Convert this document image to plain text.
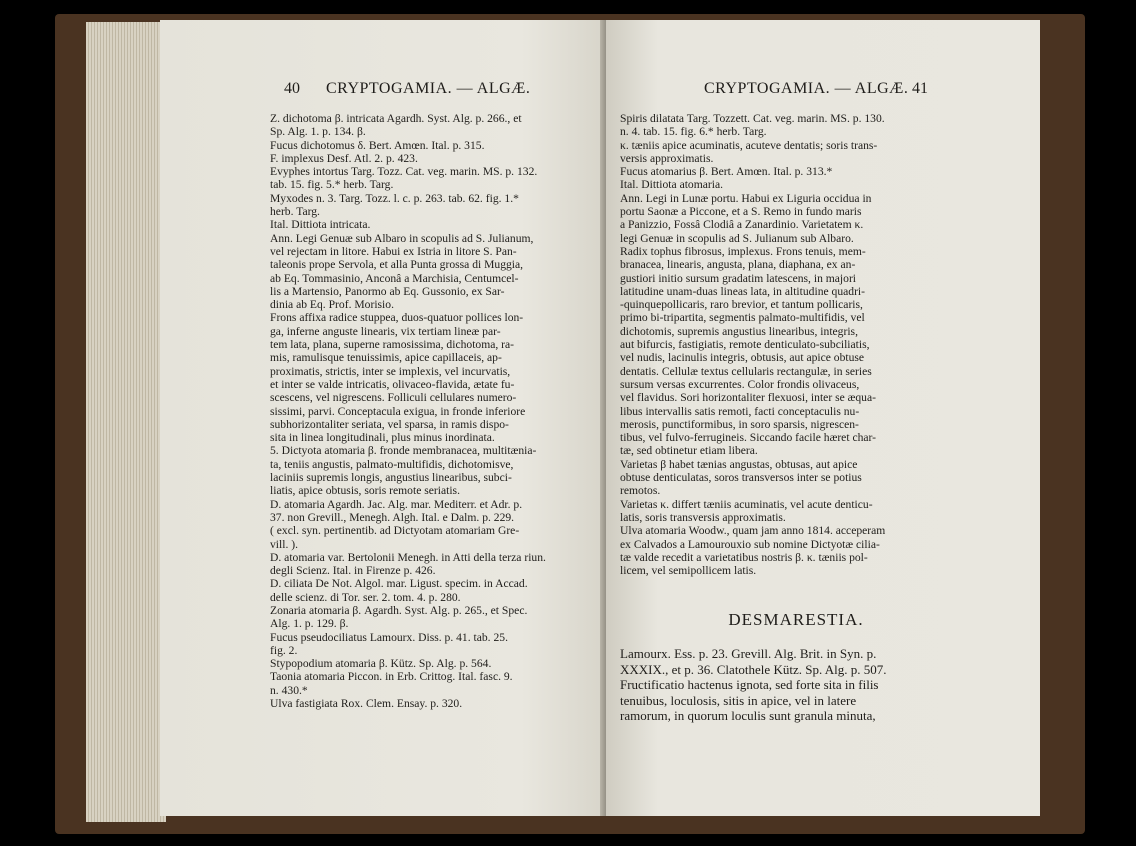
40 CRYPTOGAMIA. — ALGÆ.
Z. dichotoma β. intricata Agardh. Syst. Alg. p. 266., et
Sp. Alg. 1. p. 134. β.
Fucus dichotomus δ. Bert. Amœn. Ital. p. 315.
F. implexus Desf. Atl. 2. p. 423.
Evyphes intortus Targ. Tozz. Cat. veg. marin. MS. p. 132.
tab. 15. fig. 5.* herb. Targ.
Myxodes n. 3. Targ. Tozz. l. c. p. 263. tab. 62. fig. 1.*
herb. Targ.
Ital. Dittiota intricata.
Ann. Legi Genuæ sub Albaro in scopulis ad S. Julianum,
vel rejectam in litore. Habui ex Istria in litore S. Pan-
taleonis prope Servola, et alla Punta grossa di Muggia,
ab Eq. Tommasinio, Anconâ a Marchisia, Centumcel-
lis a Martensio, Panormo ab Eq. Gussonio, ex Sar-
dinia ab Eq. Prof. Morisio.
Frons affixa radice stuppea, duos-quatuor pollices lon-
ga, inferne anguste linearis, vix tertiam lineæ par-
tem lata, plana, superne ramosissima, dichotoma, ra-
mis, ramulisque tenuissimis, apice capillaceis, ap-
proximatis, strictis, inter se implexis, vel incurvatis,
et inter se valde intricatis, olivaceo-flavida, ætate fu-
scescens, vel nigrescens. Folliculi cellulares numero-
sissimi, parvi. Conceptacula exigua, in fronde inferiore
subhorizontaliter seriata, vel sparsa, in ramis dispo-
sita in linea longitudinali, plus minus inordinata.
5. Dictyota atomaria β. fronde membranacea, multitænia-
ta, teniis angustis, palmato-multifidis, dichotomisve,
laciniis supremis longis, angustius linearibus, subci-
liatis, apice obtusis, soris remote seriatis.
D. atomaria Agardh. Jac. Alg. mar. Mediterr. et Adr. p.
37. non Grevill., Menegh. Algh. Ital. e Dalm. p. 229.
( excl. syn. pertinentib. ad Dictyotam atomariam Gre-
vill. ).
D. atomaria var. Bertolonii Menegh. in Atti della terza riun.
degli Scienz. Ital. in Firenze p. 426.
D. ciliata De Not. Algol. mar. Ligust. specim. in Accad.
delle scienz. di Tor. ser. 2. tom. 4. p. 280.
Zonaria atomaria β. Agardh. Syst. Alg. p. 265., et Spec.
Alg. 1. p. 129. β.
Fucus pseudociliatus Lamourx. Diss. p. 41. tab. 25.
fig. 2.
Stypopodium atomaria β. Kütz. Sp. Alg. p. 564.
Taonia atomaria Piccon. in Erb. Crittog. Ital. fasc. 9.
n. 430.*
Ulva fastigiata Rox. Clem. Ensay. p. 320.
CRYPTOGAMIA. — ALGÆ. 41
Spiris dilatata Targ. Tozzett. Cat. veg. marin. MS. p. 130.
n. 4. tab. 15. fig. 6.* herb. Targ.
κ. tæniis apice acuminatis, acuteve dentatis; soris trans-
versis approximatis.
Fucus atomarius β. Bert. Amœn. Ital. p. 313.*
Ital. Dittiota atomaria.
Ann. Legi in Lunæ portu. Habui ex Liguria occidua in
portu Saonæ a Piccone, et a S. Remo in fundo maris
a Panizzio, Fossâ Clodiâ a Zanardinio. Varietatem κ.
legi Genuæ in scopulis ad S. Julianum sub Albaro.
Radix tophus fibrosus, implexus. Frons tenuis, mem-
branacea, linearis, angusta, plana, diaphana, ex an-
gustiori initio sursum gradatim latescens, in majori
latitudine unam-duas lineas lata, in altitudine quadri-
-quinquepollicaris, raro brevior, et tantum pollicaris,
primo bi-tripartita, segmentis palmato-multifidis, vel
dichotomis, supremis angustius linearibus, integris,
aut bifurcis, fastigiatis, remote denticulato-subciliatis,
vel nudis, lacinulis integris, obtusis, aut apice obtuse
dentatis. Cellulæ textus cellularis rectangulæ, in series
sursum versas excurrentes. Color frondis olivaceus,
vel flavidus. Sori horizontaliter flexuosi, inter se æqua-
libus intervallis satis remoti, facti conceptaculis nu-
merosis, punctiformibus, in soro sparsis, nigrescen-
tibus, vel fulvo-ferrugineis. Siccando facile hæret char-
tæ, sed obtinetur etiam libera.
Varietas β habet tænias angustas, obtusas, aut apice
obtuse denticulatas, soros transversos inter se potius
remotos.
Varietas κ. differt tæniis acuminatis, vel acute denticu-
latis, soris transversis approximatis.
Ulva atomaria Woodw., quam jam anno 1814. acceperam
ex Calvados a Lamourouxio sub nomine Dictyotæ cilia-
tæ valde recedit a varietatibus nostris β. κ. tæniis pol-
licem, vel semipollicem latis.
DESMARESTIA.
Lamourx. Ess. p. 23. Grevill. Alg. Brit. in Syn. p.
XXXIX., et p. 36. Clatothele Kütz. Sp. Alg. p. 507.
Fructificatio hactenus ignota, sed forte sita in filis
tenuibus, loculosis, sitis in apice, vel in latere
ramorum, in quorum loculis sunt granula minuta,
